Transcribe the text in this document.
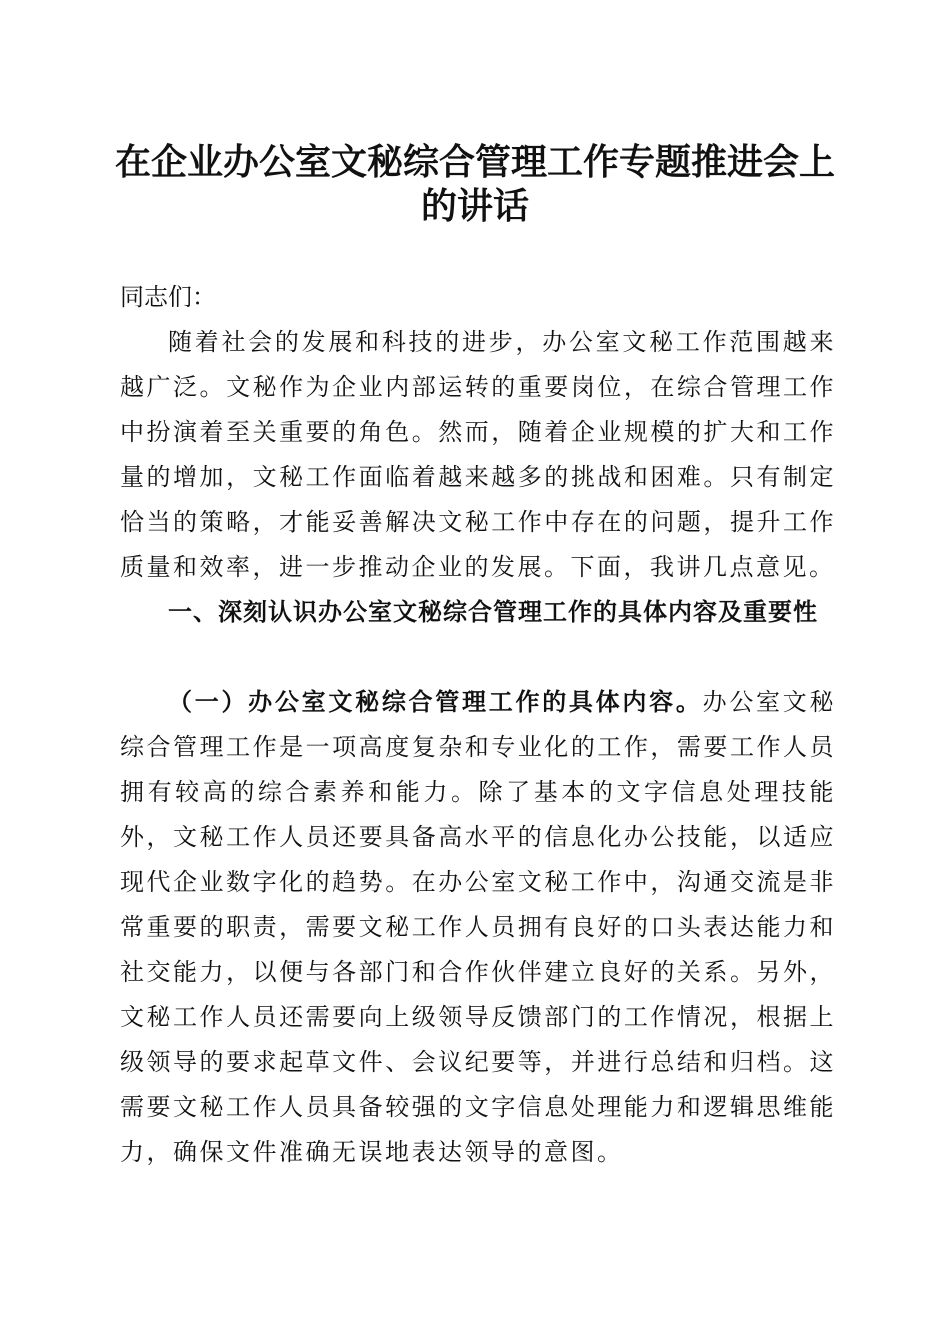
在企业办公室文秘综合管理工作专题推进会上
的讲话
同志们：
随着社会的发展和科技的进步，办公室文秘工作范围越来越广泛。文秘作为企业内部运转的重要岗位，在综合管理工作中扮演着至关重要的角色。然而，随着企业规模的扩大和工作量的增加，文秘工作面临着越来越多的挑战和困难。只有制定恰当的策略，才能妥善解决文秘工作中存在的问题，提升工作质量和效率，进一步推动企业的发展。下面，我讲几点意见。
一、深刻认识办公室文秘综合管理工作的具体内容及重要性
（一）办公室文秘综合管理工作的具体内容。办公室文秘综合管理工作是一项高度复杂和专业化的工作，需要工作人员拥有较高的综合素养和能力。除了基本的文字信息处理技能外，文秘工作人员还要具备高水平的信息化办公技能，以适应现代企业数字化的趋势。在办公室文秘工作中，沟通交流是非常重要的职责，需要文秘工作人员拥有良好的口头表达能力和社交能力，以便与各部门和合作伙伴建立良好的关系。另外，文秘工作人员还需要向上级领导反馈部门的工作情况，根据上级领导的要求起草文件、会议纪要等，并进行总结和归档。这需要文秘工作人员具备较强的文字信息处理能力和逻辑思维能力，确保文件准确无误地表达领导的意图。
